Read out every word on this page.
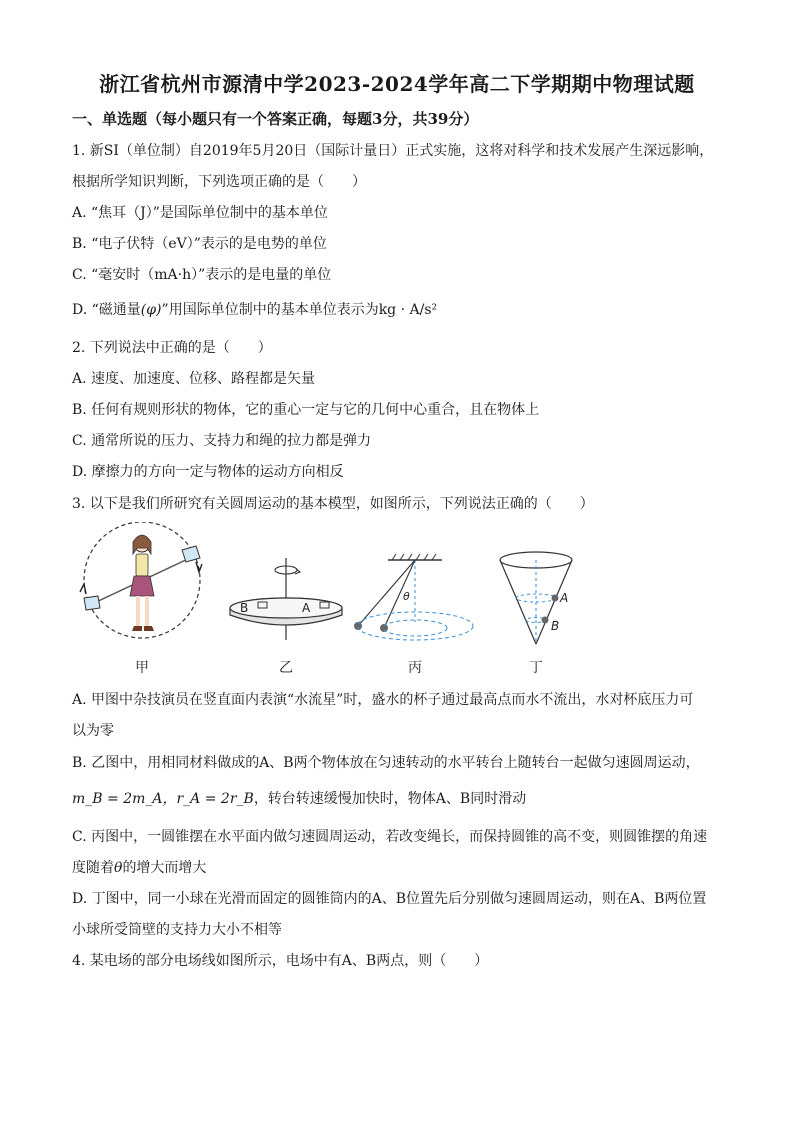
浙江省杭州市源清中学2023-2024学年高二下学期期中物理试题
一、单选题（每小题只有一个答案正确，每题3分，共39分）
1. 新SI（单位制）自2019年5月20日（国际计量日）正式实施，这将对科学和技术发展产生深远影响，
根据所学知识判断，下列选项正确的是（　　）
A. “焦耳（J）”是国际单位制中的基本单位
B. “电子伏特（eV）”表示的是电势的单位
C. “毫安时（mA·h）”表示的是电量的单位
D. “磁通量(φ)”用国际单位制中的基本单位表示为kg · A/s²
2. 下列说法中正确的是（　　）
A. 速度、加速度、位移、路程都是矢量
B. 任何有规则形状的物体，它的重心一定与它的几何中心重合，且在物体上
C. 通常所说的压力、支持力和绳的拉力都是弹力
D. 摩擦力的方向一定与物体的运动方向相反
3. 以下是我们所研究有关圆周运动的基本模型，如图所示，下列说法正确的（　　）
B	A
θ	A
B
甲	乙	丙	丁
A. 甲图中杂技演员在竖直面内表演“水流星”时，盛水的杯子通过最高点而水不流出，水对杯底压力可
以为零
B. 乙图中，用相同材料做成的A、B两个物体放在匀速转动的水平转台上随转台一起做匀速圆周运动，
m_B = 2m_A，r_A = 2r_B，转台转速缓慢加快时，物体A、B同时滑动
C. 丙图中，一圆锥摆在水平面内做匀速圆周运动，若改变绳长，而保持圆锥的高不变，则圆锥摆的角速
度随着θ的增大而增大
D. 丁图中，同一小球在光滑而固定的圆锥筒内的A、B位置先后分别做匀速圆周运动，则在A、B两位置
小球所受筒壁的支持力大小不相等
4. 某电场的部分电场线如图所示，电场中有A、B两点，则（　　）
